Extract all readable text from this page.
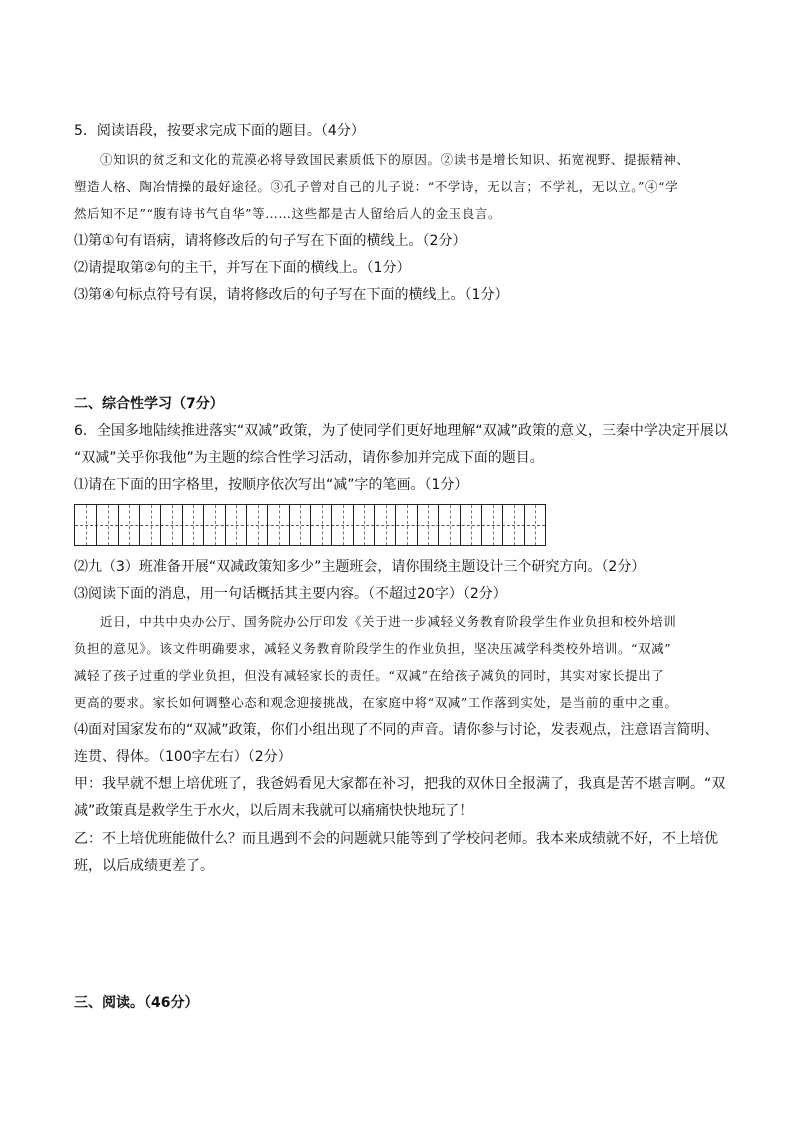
5．阅读语段，按要求完成下面的题目。（4分）
①知识的贫乏和文化的荒漠必将导致国民素质低下的原因。②读书是增长知识、拓宽视野、提振精神、
塑造人格、陶冶情操的最好途径。③孔子曾对自己的儿子说：“不学诗，无以言；不学礼，无以立。”④“学
然后知不足”“腹有诗书气自华”等……这些都是古人留给后人的金玉良言。
⑴第①句有语病，请将修改后的句子写在下面的横线上。（2分）
⑵请提取第②句的主干，并写在下面的横线上。（1分）
⑶第④句标点符号有误，请将修改后的句子写在下面的横线上。（1分）
二、综合性学习（7分）
6．全国多地陆续推进落实“双减”政策，为了使同学们更好地理解“双减”政策的意义，三秦中学决定开展以
“双减”关乎你我他”为主题的综合性学习活动，请你参加并完成下面的题目。
⑴请在下面的田字格里，按顺序依次写出“减”字的笔画。（1分）
⑵九（3）班准备开展“双减政策知多少”主题班会，请你围绕主题设计三个研究方向。（2分）
⑶阅读下面的消息，用一句话概括其主要内容。（不超过20字）（2分）
近日，中共中央办公厅、国务院办公厅印发《关于进一步减轻义务教育阶段学生作业负担和校外培训
负担的意见》。该文件明确要求，减轻义务教育阶段学生的作业负担，坚决压减学科类校外培训。“双减”
减轻了孩子过重的学业负担，但没有减轻家长的责任。“双减”在给孩子减负的同时，其实对家长提出了
更高的要求。家长如何调整心态和观念迎接挑战，在家庭中将“双减”工作落到实处，是当前的重中之重。
⑷面对国家发布的“双减”政策，你们小组出现了不同的声音。请你参与讨论，发表观点，注意语言简明、
连贯、得体。（100字左右）（2分）
甲：我早就不想上培优班了，我爸妈看见大家都在补习，把我的双休日全报满了，我真是苦不堪言啊。“双
减”政策真是救学生于水火，以后周末我就可以痛痛快快地玩了！
乙：不上培优班能做什么？而且遇到不会的问题就只能等到了学校问老师。我本来成绩就不好，不上培优
班，以后成绩更差了。
三、阅读。（46分）
